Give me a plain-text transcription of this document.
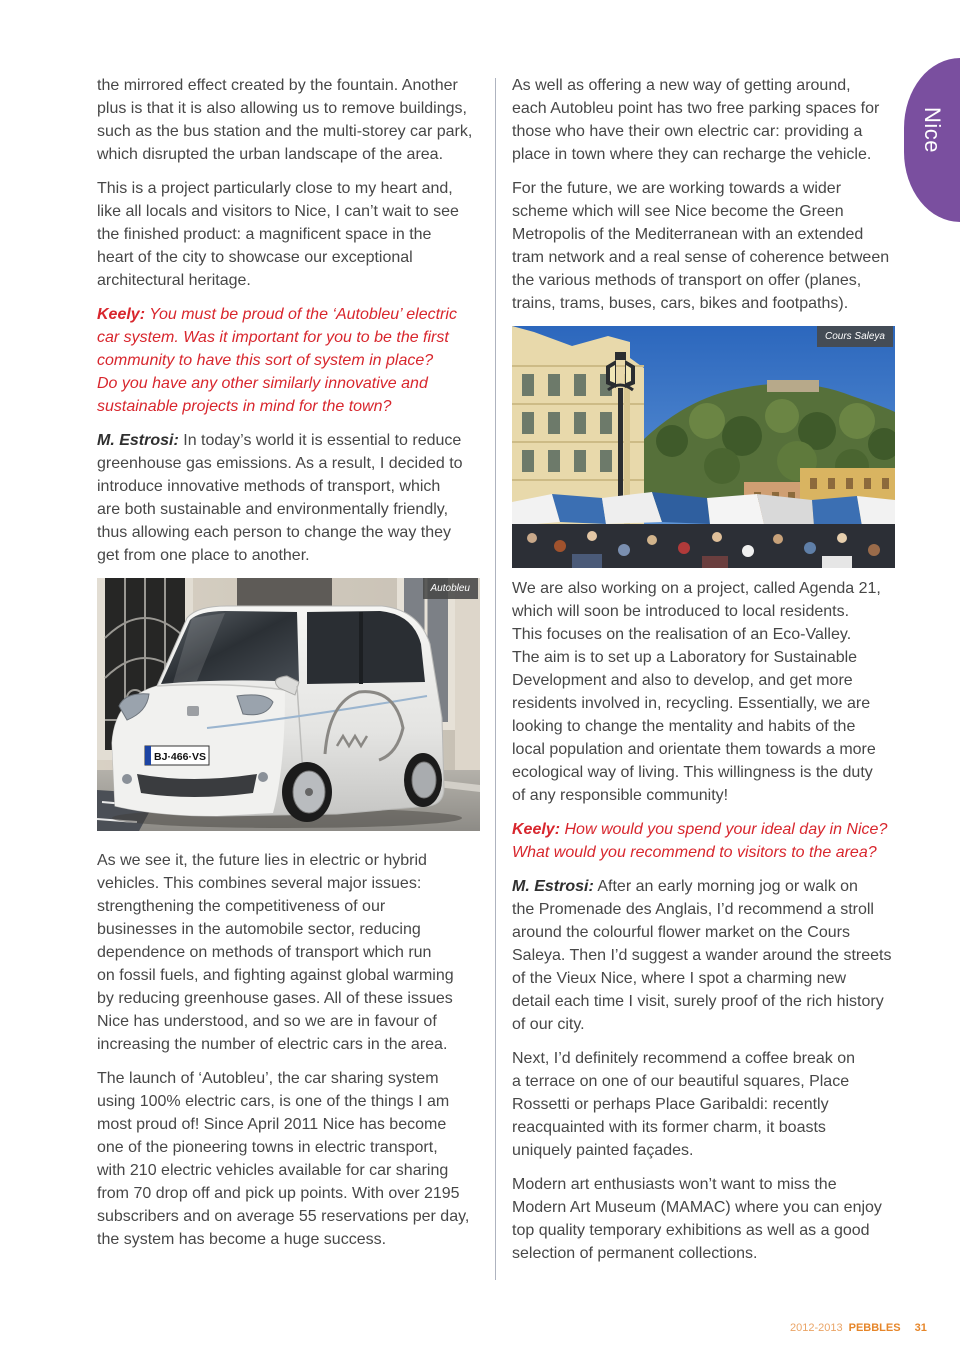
Nice
the mirrored effect created by the fountain. Another
plus is that it is also allowing us to remove buildings,
such as the bus station and the multi-storey car park,
which disrupted the urban landscape of the area.
This is a project particularly close to my heart and,
like all locals and visitors to Nice, I can’t wait to see
the finished product: a magnificent space in the
heart of the city to showcase our exceptional
architectural heritage.
Keely: You must be proud of the ‘Autobleu’ electric
car system. Was it important for you to be the first
community to have this sort of system in place?
Do you have any other similarly innovative and
sustainable projects in mind for the town?
M. Estrosi: In today’s world it is essential to reduce
greenhouse gas emissions. As a result, I decided to
introduce innovative methods of transport, which
are both sustainable and environmentally friendly,
thus allowing each person to change the way they
get from one place to another.
BJ·466·VS
Autobleu
As we see it, the future lies in electric or hybrid
vehicles. This combines several major issues:
strengthening the competitiveness of our
businesses in the automobile sector, reducing
dependence on methods of transport which run
on fossil fuels, and fighting against global warming
by reducing greenhouse gases. All of these issues
Nice has understood, and so we are in favour of
increasing the number of electric cars in the area.
The launch of ‘Autobleu’, the car sharing system
using 100% electric cars, is one of the things I am
most proud of! Since April 2011 Nice has become
one of the pioneering towns in electric transport,
with 210 electric vehicles available for car sharing
from 70 drop off and pick up points. With over 2195
subscribers and on average 55 reservations per day,
the system has become a huge success.
As well as offering a new way of getting around,
each Autobleu point has two free parking spaces for
those who have their own electric car: providing a
place in town where they can recharge the vehicle.
For the future, we are working towards a wider
scheme which will see Nice become the Green
Metropolis of the Mediterranean with an extended
tram network and a real sense of coherence between
the various methods of transport on offer (planes,
trains, trams, buses, cars, bikes and footpaths).
Cours Saleya
We are also working on a project, called Agenda 21,
which will soon be introduced to local residents.
This focuses on the realisation of an Eco-Valley.
The aim is to set up a Laboratory for Sustainable
Development and also to develop, and get more
residents involved in, recycling. Essentially, we are
looking to change the mentality and habits of the
local population and orientate them towards a more
ecological way of living. This willingness is the duty
of any responsible community!
Keely: How would you spend your ideal day in Nice?
What would you recommend to visitors to the area?
M. Estrosi: After an early morning jog or walk on
the Promenade des Anglais, I’d recommend a stroll
around the colourful flower market on the Cours
Saleya. Then I’d suggest a wander around the streets
of the Vieux Nice, where I spot a charming new
detail each time I visit, surely proof of the rich history
of our city.
Next, I’d definitely recommend a coffee break on
a terrace on one of our beautiful squares, Place
Rossetti or perhaps Place Garibaldi: recently
reacquainted with its former charm, it boasts
uniquely painted façades.
Modern art enthusiasts won’t want to miss the
Modern Art Museum (MAMAC) where you can enjoy
top quality temporary exhibitions as well as a good
selection of permanent collections.
2012-2013 PEBBLES 31
